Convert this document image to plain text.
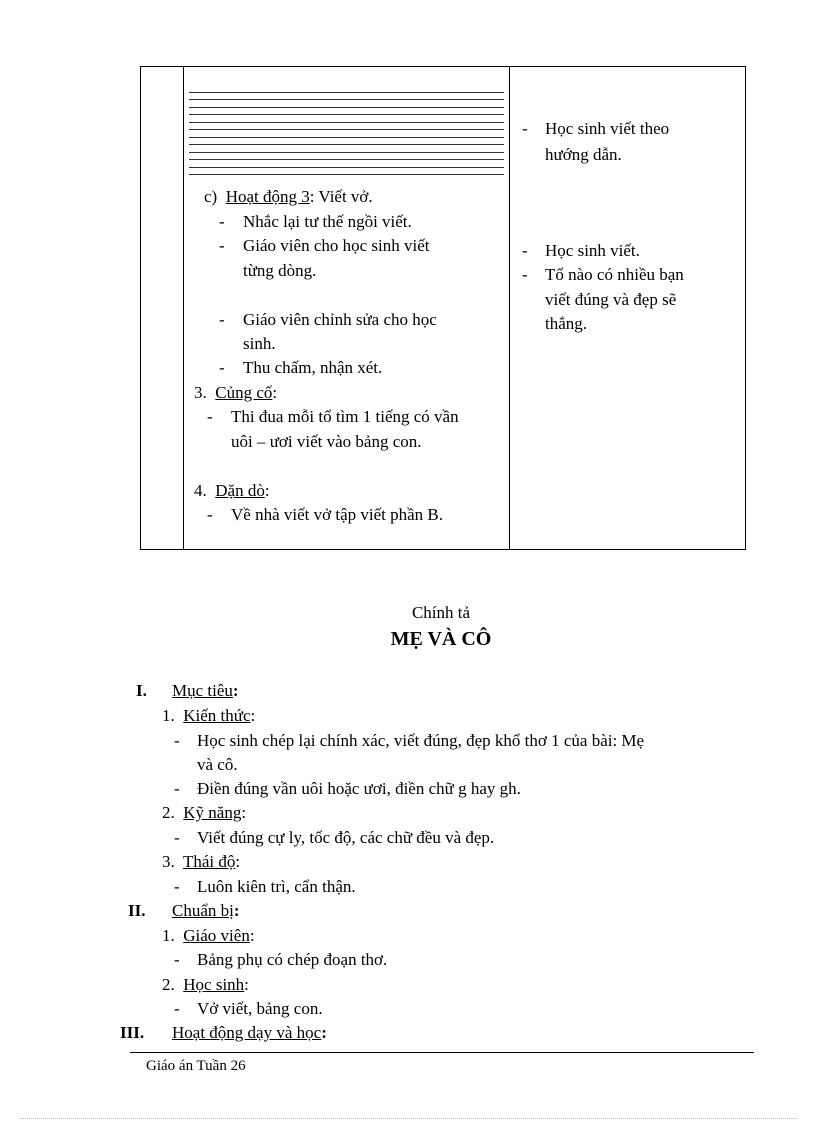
- Học sinh viết theo
hướng dẫn.
- Học sinh viết.
- Tổ nào có nhiều bạn
viết đúng và đẹp sẽ
thắng.
c) Hoạt động 3: Viết vở.
- Nhắc lại tư thế ngồi viết.
- Giáo viên cho học sinh viết
từng dòng.
- Giáo viên chỉnh sửa cho học
sinh.
- Thu chấm, nhận xét.
3. Củng cố:
- Thi đua mỗi tổ tìm 1 tiếng có vần
uôi – ươi viết vào bảng con.
4. Dặn dò:
- Về nhà viết vở tập viết phần B.
Chính tả
MẸ VÀ CÔ
I. Mục tiêu:
1. Kiến thức:
- Học sinh chép lại chính xác, viết đúng, đẹp khổ thơ 1 của bài: Mẹ
và cô.
- Điền đúng vần uôi hoặc ươi, điền chữ g hay gh.
2. Kỹ năng:
- Viết đúng cự ly, tốc độ, các chữ đều và đẹp.
3. Thái độ:
- Luôn kiên trì, cẩn thận.
II. Chuẩn bị:
1. Giáo viên:
- Bảng phụ có chép đoạn thơ.
2. Học sinh:
- Vở viết, bảng con.
III. Hoạt động dạy và học:
Giáo án Tuần 26
